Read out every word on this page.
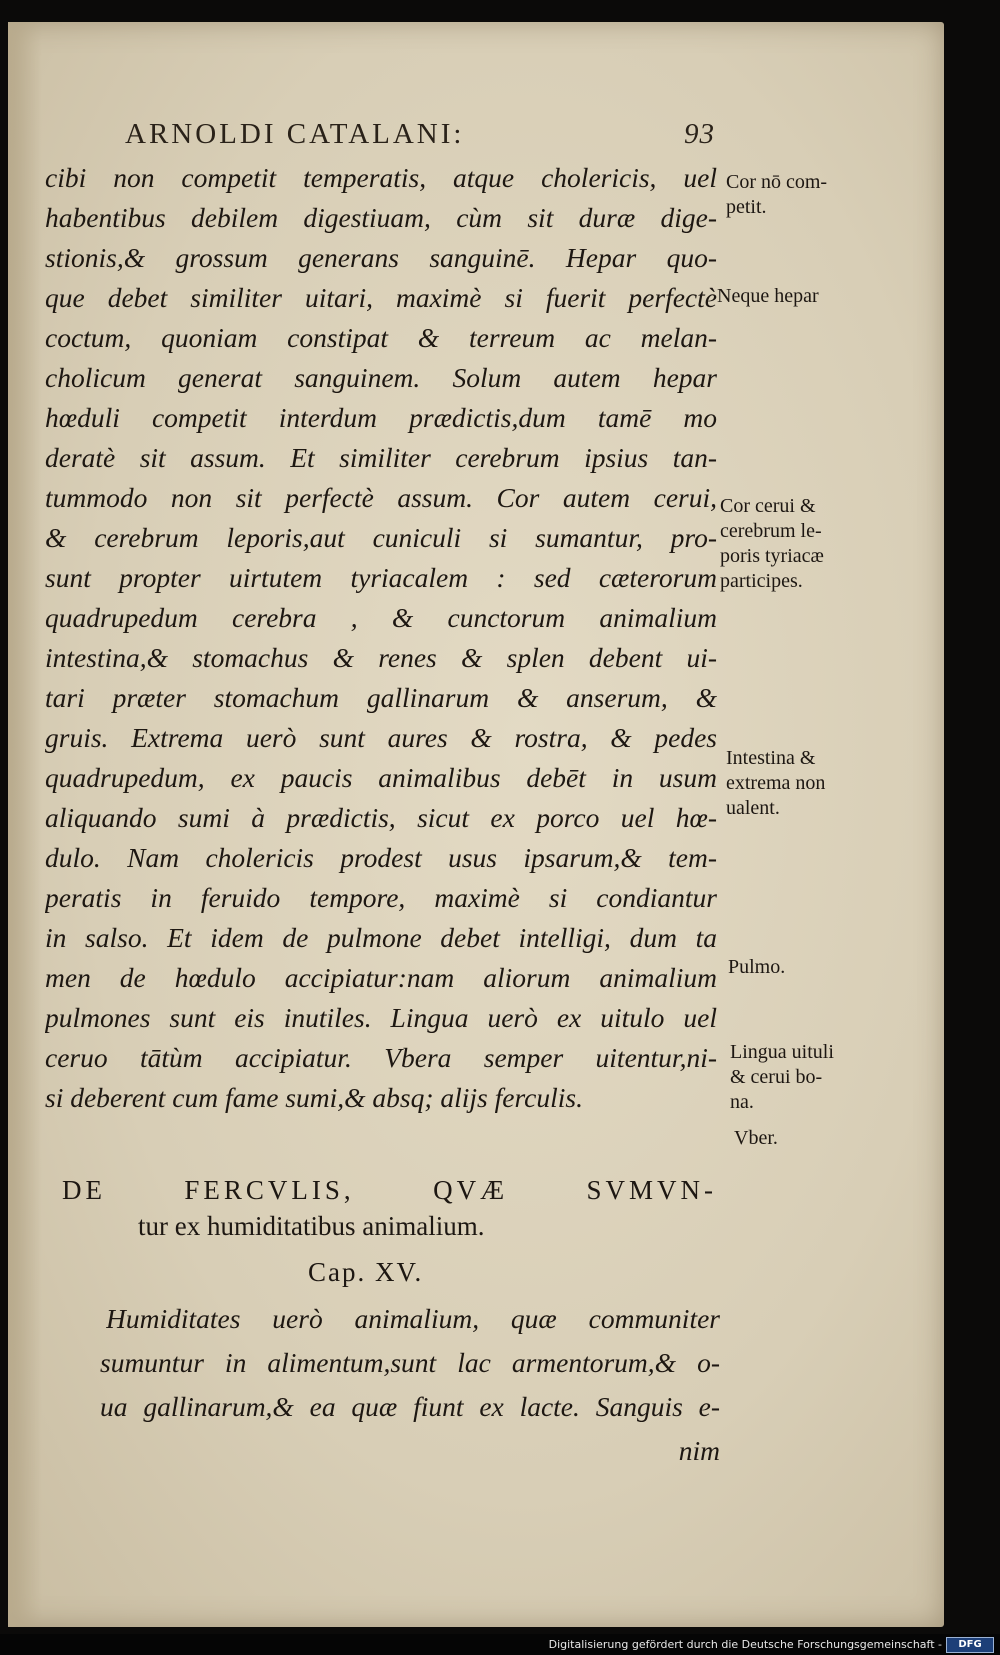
ARNOLDI CATALANI:	93
cibi non competit temperatis, atque cholericis, uel
habentibus debilem digestiuam, cùm sit duræ dige-
stionis,& grossum generans sanguinē. Hepar quo-
que debet similiter uitari, maximè si fuerit perfectè
coctum, quoniam constipat & terreum ac melan-
cholicum generat sanguinem. Solum autem hepar
hœduli competit interdum prædictis,dum tamē mo
deratè sit assum. Et similiter cerebrum ipsius tan-
tummodo non sit perfectè assum. Cor autem cerui,
& cerebrum leporis,aut cuniculi si sumantur, pro-
sunt propter uirtutem tyriacalem : sed cæterorum
quadrupedum cerebra , & cunctorum animalium
intestina,& stomachus & renes & splen debent ui-
tari præter stomachum gallinarum & anserum, &
gruis. Extrema uerò sunt aures & rostra, & pedes
quadrupedum, ex paucis animalibus debēt in usum
aliquando sumi à prædictis, sicut ex porco uel hœ-
dulo. Nam cholericis prodest usus ipsarum,& tem-
peratis in feruido tempore, maximè si condiantur
in salso. Et idem de pulmone debet intelligi, dum ta
men de hœdulo accipiatur:nam aliorum animalium
pulmones sunt eis inutiles. Lingua uerò ex uitulo uel
ceruo tātùm accipiatur. Vbera semper uitentur,ni-
si deberent cum fame sumi,& absq; alijs ferculis.
DE FERCVLIS, QVÆ SVMVN-
tur ex humiditatibus animalium.
Cap. XV.
Humiditates uerò animalium, quæ communiter
sumuntur in alimentum,sunt lac armentorum,& o-
ua gallinarum,& ea quæ fiunt ex lacte. Sanguis e-
nim
Cor nō com-
petit.
Neque hepar
Cor cerui &
cerebrum le-
poris tyriacæ
participes.
Intestina &
extrema non
ualent.
Pulmo.
Lingua uituli
& cerui bo-
na.
Vber.
Digitalisierung gefördert durch die Deutsche Forschungsgemeinschaft -	DFG
